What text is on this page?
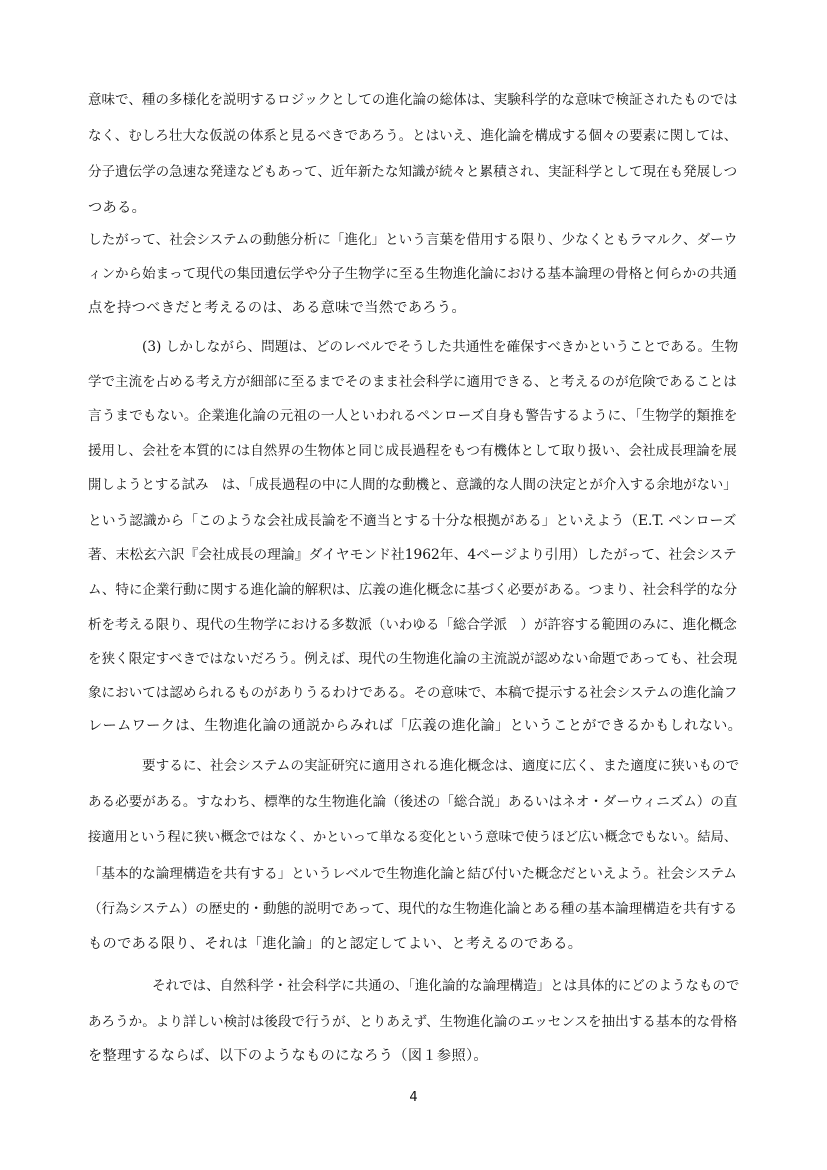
意味で、種の多様化を説明するロジックとしての進化論の総体は、実験科学的な意味で検証されたものでは
なく、むしろ壮大な仮説の体系と見るべきであろう。とはいえ、進化論を構成する個々の要素に関しては、
分子遺伝学の急速な発達などもあって、近年新たな知識が続々と累積され、実証科学として現在も発展しつ
つある。
したがって、社会システムの動態分析に「進化」という言葉を借用する限り、少なくともラマルク、ダーウ
ィンから始まって現代の集団遺伝学や分子生物学に至る生物進化論における基本論理の骨格と何らかの共通
点を持つべきだと考えるのは、ある意味で当然であろう。
(3) しかしながら、問題は、どのレベルでそうした共通性を確保すべきかということである。生物
学で主流を占める考え方が細部に至るまでそのまま社会科学に適用できる、と考えるのが危険であることは
言うまでもない。企業進化論の元祖の一人といわれるペンローズ自身も警告するように、「生物学的類推を
援用し、会社を本質的には自然界の生物体と同じ成長過程をもつ有機体として取り扱い、会社成長理論を展
開しようとする試み　は、「成長過程の中に人間的な動機と、意識的な人間の決定とが介入する余地がない」
という認識から「このような会社成長論を不適当とする十分な根拠がある」といえよう（E.T. ペンローズ
著、末松玄六訳『会社成長の理論』ダイヤモンド社1962年、4ページより引用）したがって、社会システ
ム、特に企業行動に関する進化論的解釈は、広義の進化概念に基づく必要がある。つまり、社会科学的な分
析を考える限り、現代の生物学における多数派（いわゆる「総合学派　）が許容する範囲のみに、進化概念
を狭く限定すべきではないだろう。例えば、現代の生物進化論の主流説が認めない命題であっても、社会現
象においては認められるものがありうるわけである。その意味で、本稿で提示する社会システムの進化論フ
レームワークは、生物進化論の通説からみれば「広義の進化論」ということができるかもしれない。
要するに、社会システムの実証研究に適用される進化概念は、適度に広く、また適度に狭いもので
ある必要がある。すなわち、標準的な生物進化論（後述の「総合説」あるいはネオ・ダーウィニズム）の直
接適用という程に狭い概念ではなく、かといって単なる変化という意味で使うほど広い概念でもない。結局、
「基本的な論理構造を共有する」というレベルで生物進化論と結び付いた概念だといえよう。社会システム
（行為システム）の歴史的・動態的説明であって、現代的な生物進化論とある種の基本論理構造を共有する
ものである限り、それは「進化論」的と認定してよい、と考えるのである。
それでは、自然科学・社会科学に共通の、「進化論的な論理構造」とは具体的にどのようなもので
あろうか。より詳しい検討は後段で行うが、とりあえず、生物進化論のエッセンスを抽出する基本的な骨格
を整理するならば、以下のようなものになろう（図１参照）。
4
